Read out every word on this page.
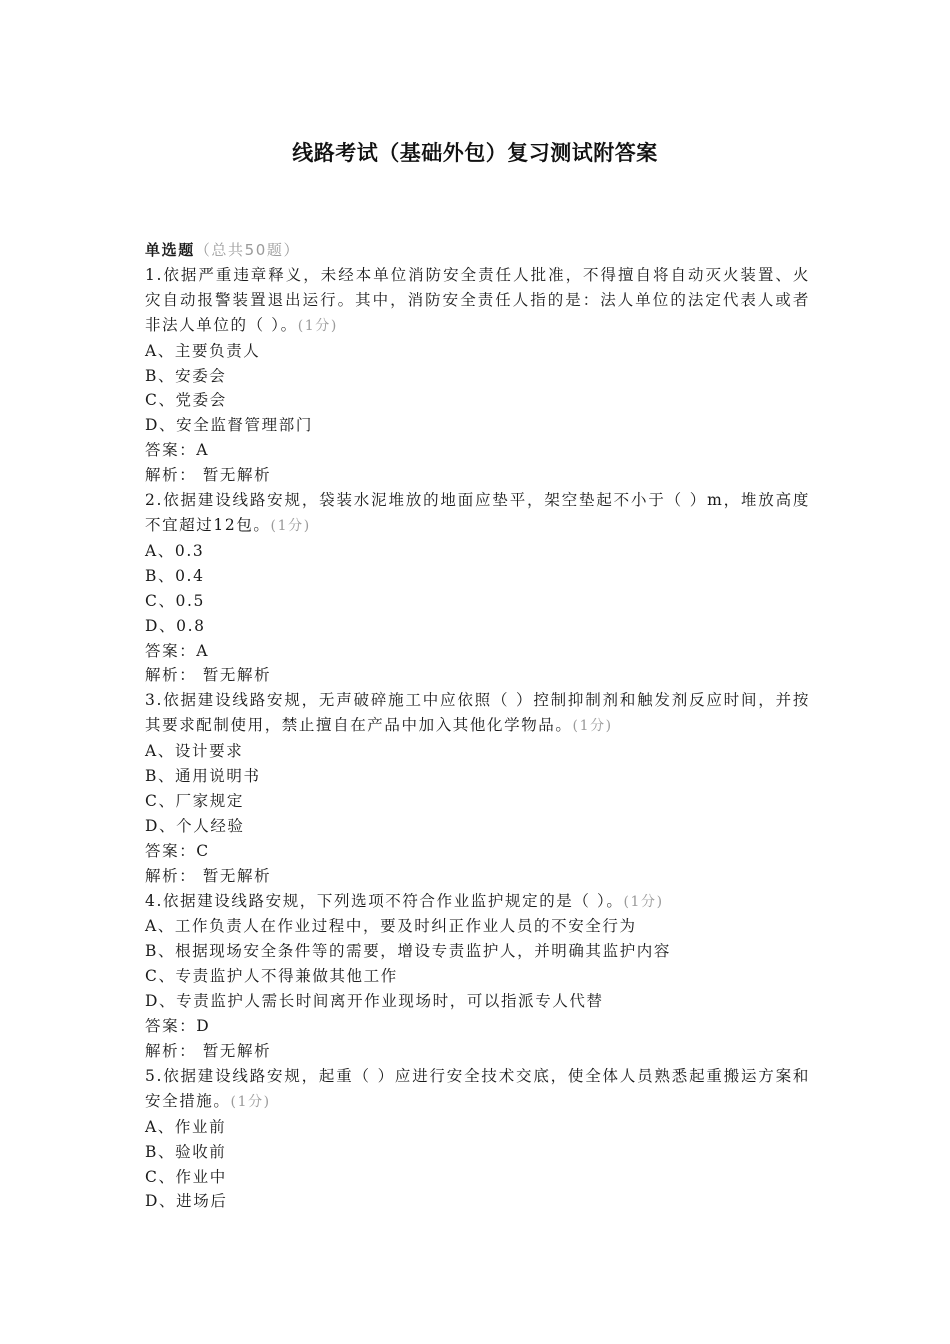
线路考试（基础外包）复习测试附答案

单选题（总共50题）

1.依据严重违章释义，未经本单位消防安全责任人批准，不得擅自将自动灭火装置、火灾自动报警装置退出运行。其中，消防安全责任人指的是：法人单位的法定代表人或者非法人单位的（ ）。(1分)

A、主要负责人

B、安委会

C、党委会

D、安全监督管理部门

答案：A

解析： 暂无解析

2.依据建设线路安规，袋装水泥堆放的地面应垫平，架空垫起不小于（ ）m，堆放高度不宜超过12包。(1分)

A、0.3

B、0.4

C、0.5

D、0.8

答案：A

解析： 暂无解析

3.依据建设线路安规，无声破碎施工中应依照（ ）控制抑制剂和触发剂反应时间，并按其要求配制使用，禁止擅自在产品中加入其他化学物品。(1分)

A、设计要求

B、通用说明书

C、厂家规定

D、个人经验

答案：C

解析： 暂无解析

4.依据建设线路安规，下列选项不符合作业监护规定的是（ ）。(1分)

A、工作负责人在作业过程中，要及时纠正作业人员的不安全行为

B、根据现场安全条件等的需要，增设专责监护人，并明确其监护内容

C、专责监护人不得兼做其他工作

D、专责监护人需长时间离开作业现场时，可以指派专人代替

答案：D

解析： 暂无解析

5.依据建设线路安规，起重（ ）应进行安全技术交底，使全体人员熟悉起重搬运方案和安全措施。(1分)

A、作业前

B、验收前

C、作业中

D、进场后
